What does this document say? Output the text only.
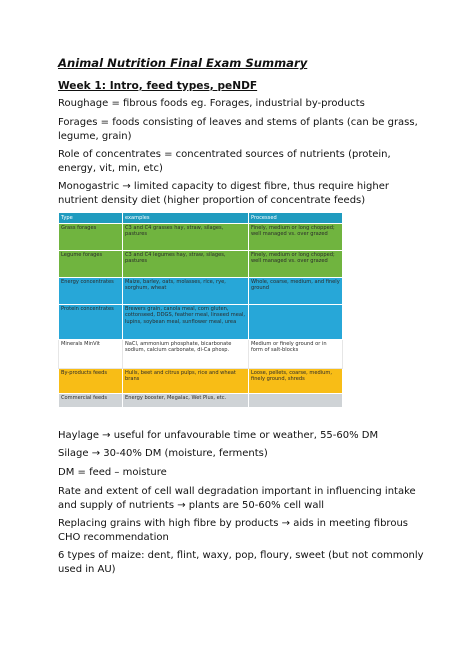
Animal Nutrition Final Exam Summary
Week 1: Intro, feed types, peNDF
Roughage = fibrous foods eg. Forages, industrial by-products
Forages = foods consisting of leaves and stems of plants (can be grass, legume, grain)
Role of concentrates = concentrated sources of nutrients (protein, energy, vit, min, etc)
Monogastric → limited capacity to digest fibre, thus require higher nutrient density diet (higher proportion of concentrate feeds)
Type	examples	Processed
Grass forages	C3 and C4 grasses hay, straw, silages, pastures	Finely, medium or long chopped; well managed vs. over grazed
Legume forages	C3 and C4 legumes hay, straw, silages, pastures	Finely, medium or long chopped; well managed vs. over grazed
Energy concentrates	Maize, barley, oats, molasses, rice, rye, sorghum, wheat	Whole, coarse, medium, and finely ground
Protein concentrates	Brewers grain, canola meal, corn gluten, cottonseed, DDGS, feather meal, linseed meal, lupins, soybean meal, sunflower meal, urea	
Minerals MinVit	NaCl, ammonium phosphate, bicarbonate sodium, calcium carbonate, di-Ca phosp.	Medium or finely ground or in form of salt-blocks
By-products feeds	Hulls, beet and citrus pulps, rice and wheat brans	Loose, pellets, coarse, medium, finely ground, shreds
Commercial feeds	Energy booster, Megalac, Wet Plus, etc.	
Haylage → useful for unfavourable time or weather, 55-60% DM
Silage → 30-40% DM (moisture, ferments)
DM = feed – moisture
Rate and extent of cell wall degradation important in influencing intake and supply of nutrients → plants are 50-60% cell wall
Replacing grains with high fibre by products → aids in meeting fibrous CHO recommendation
6 types of maize: dent, flint, waxy, pop, floury, sweet (but not commonly used in AU)
